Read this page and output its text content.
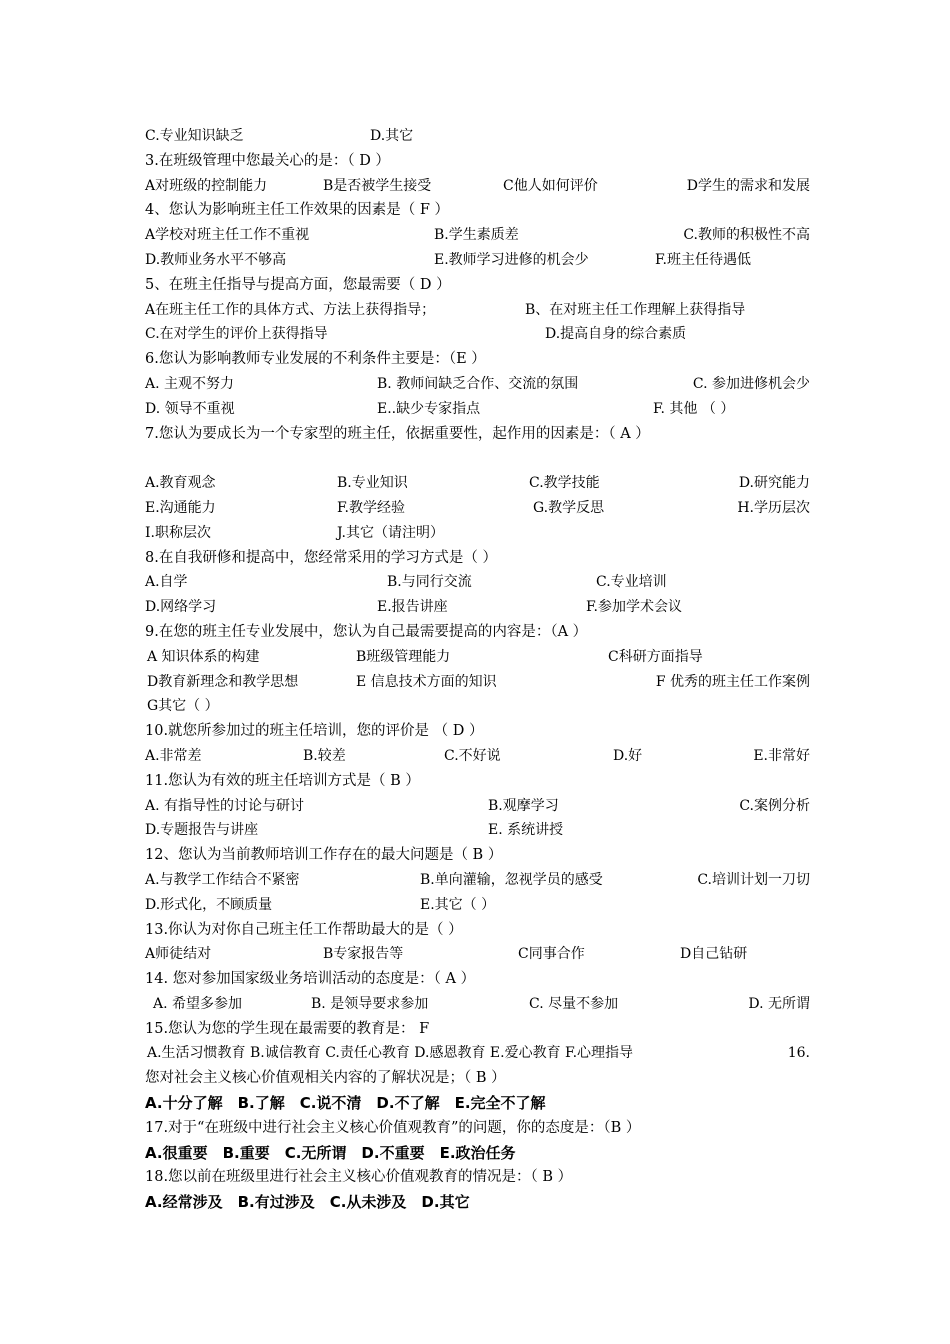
C.专业知识缺乏	D.其它
3.在班级管理中您最关心的是：（ D ）
A对班级的控制能力	B是否被学生接受	C他人如何评价	D学生的需求和发展
4、您认为影响班主任工作效果的因素是（ F ）
A学校对班主任工作不重视	B.学生素质差	C.教师的积极性不高
D.教师业务水平不够高	E.教师学习进修的机会少	F.班主任待遇低
5、在班主任指导与提高方面，您最需要（ D ）
A在班主任工作的具体方式、方法上获得指导；	B、在对班主任工作理解上获得指导
C.在对学生的评价上获得指导	D.提高自身的综合素质
6.您认为影响教师专业发展的不利条件主要是：（E ）
A. 主观不努力	B. 教师间缺乏合作、交流的氛围	C. 参加进修机会少
D. 领导不重视	E..缺少专家指点	F. 其他 （ ）
7.您认为要成长为一个专家型的班主任，依据重要性，起作用的因素是：（ A ）
A.教育观念	B.专业知识	C.教学技能	D.研究能力
E.沟通能力	F.教学经验	G.教学反思	H.学历层次
I.职称层次	J.其它（请注明）
8.在自我研修和提高中，您经常采用的学习方式是（ ）
A.自学	B.与同行交流	C.专业培训
D.网络学习	E.报告讲座	F.参加学术会议
9.在您的班主任专业发展中，您认为自己最需要提高的内容是：（A ）
A 知识体系的构建	B班级管理能力	C科研方面指导
D教育新理念和教学思想	E 信息技术方面的知识	F 优秀的班主任工作案例
G其它（ ）
10.就您所参加过的班主任培训，您的评价是 （ D ）
A.非常差	B.较差	C.不好说	D.好	E.非常好
11.您认为有效的班主任培训方式是（ B ）
A. 有指导性的讨论与研讨	B.观摩学习	C.案例分析
D.专题报告与讲座	E. 系统讲授
12、您认为当前教师培训工作存在的最大问题是（ B ）
A.与教学工作结合不紧密	B.单向灌输，忽视学员的感受	C.培训计划一刀切
D.形式化，不顾质量	E.其它（ ）
13.你认为对你自己班主任工作帮助最大的是（ ）
A师徒结对	B专家报告等	C同事合作	D自己钻研
14. 您对参加国家级业务培训活动的态度是：（ A ）
A. 希望多参加	B. 是领导要求参加	C. 尽量不参加	D. 无所谓
15.您认为您的学生现在最需要的教育是： F
A.生活习惯教育 B.诚信教育 C.责任心教育 D.感恩教育 E.爱心教育 F.心理指导	16.
您对社会主义核心价值观相关内容的了解状况是；（ B ）
A.十分了解　B.了解　C.说不清　D.不了解　E.完全不了解
17.对于“在班级中进行社会主义核心价值观教育”的问题，你的态度是：（B ）
A.很重要　B.重要　C.无所谓　D.不重要　E.政治任务
18.您以前在班级里进行社会主义核心价值观教育的情况是：（ B ）
A.经常涉及　B.有过涉及　C.从未涉及　D.其它
